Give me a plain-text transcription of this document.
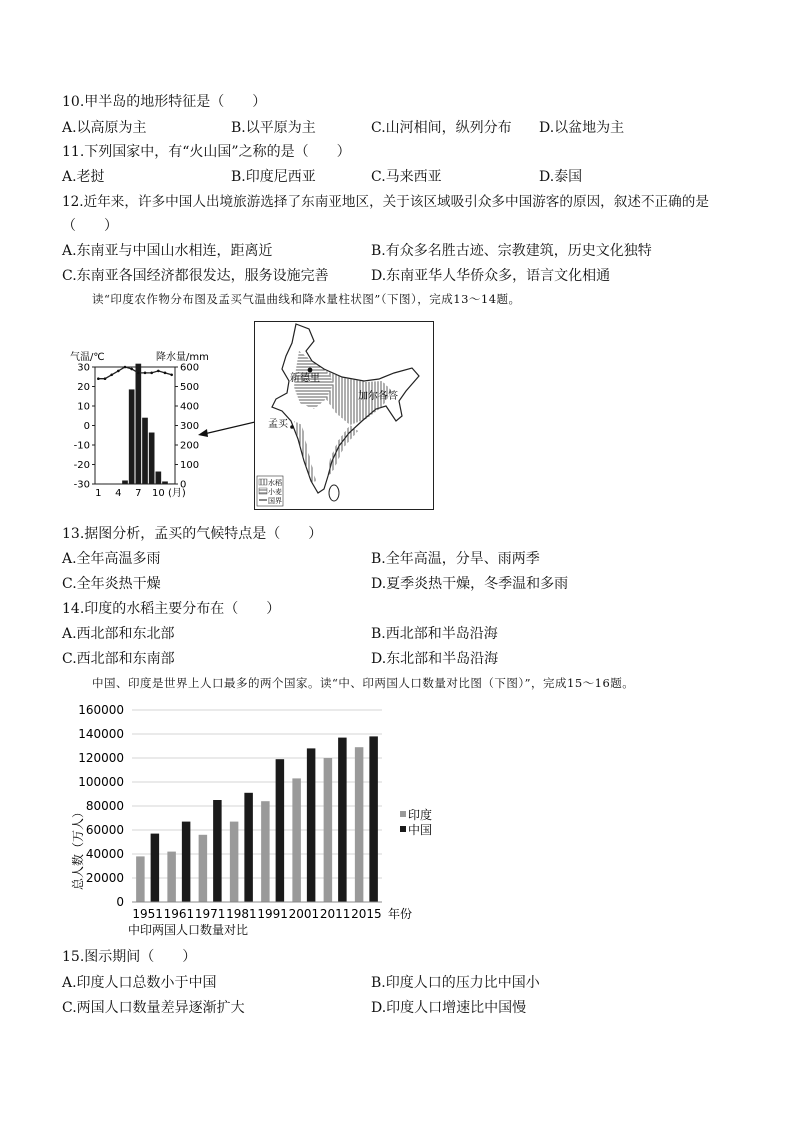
10.甲半岛的地形特征是（　　）
A.以高原为主	B.以平原为主	C.山河相间，纵列分布 D.以盆地为主
11.下列国家中，有“火山国”之称的是（　　）
A.老挝	B.印度尼西亚	C.马来西亚	D.泰国
12.近年来，许多中国人出境旅游选择了东南亚地区，关于该区域吸引众多中国游客的原因，叙述不正确的是
（　　）
A.东南亚与中国山水相连，距离近	B.有众多名胜古迹、宗教建筑，历史文化独特
C.东南亚各国经济都很发达，服务设施完善	D.东南亚华人华侨众多，语言文化相通
读“印度农作物分布图及孟买气温曲线和降水量柱状图”（下图），完成13～14题。
气温/℃	降水量/mm
30
20
10
0
-10
-20
-30
600
500
400
300
200
100
0
1 4 7 10 (月)
新德里
加尔各答
孟买
水稻
小麦
国界
13.据图分析，孟买的气候特点是（　　）
A.全年高温多雨	B.全年高温，分旱、雨两季
C.全年炎热干燥	D.夏季炎热干燥，冬季温和多雨
14.印度的水稻主要分布在（　　）
A.西北部和东北部	B.西北部和半岛沿海
C.西北部和东南部	D.东北部和半岛沿海
中国、印度是世界上人口最多的两个国家。读“中、印两国人口数量对比图（下图）”，完成15～16题。
160000
140000
120000
100000
80000
60000
40000
20000
0
1951 1961 1971 1981 1991 2001 2011 2015
总人数（万人）
年份
中印两国人口数量对比
印度
中国
15.图示期间（　　）
A.印度人口总数小于中国	B.印度人口的压力比中国小
C.两国人口数量差异逐渐扩大	D.印度人口增速比中国慢
